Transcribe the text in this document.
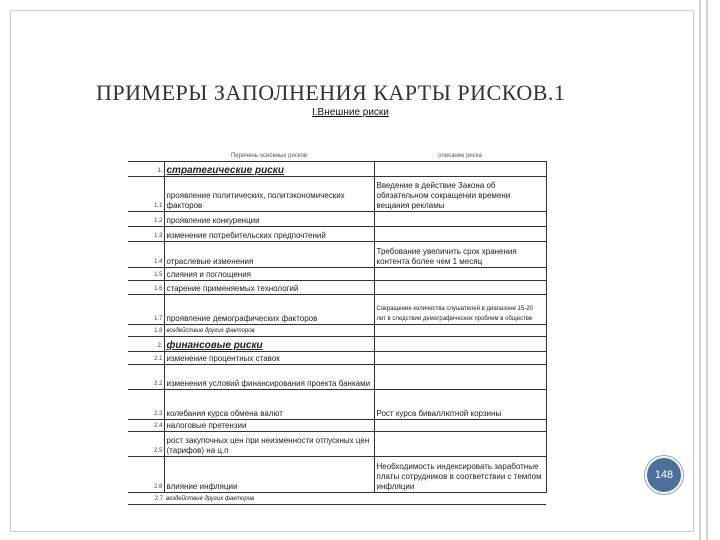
ПРИМЕРЫ ЗАПОЛНЕНИЯ КАРТЫ РИСКОВ.1
I.Внешние риски
	Перечень основных рисков	описание риска
1.	стратегические риски	
1.1	проявление политических, политэкономических факторов	Введение в действие Закона об обязательном сокращении времени вещания рекламы
1.2	проявление конкуренции	
1.3	изменение потребительских предпочтений	
1.4	отраслевые изменения	Требование увеличить срок хранения контента более чем 1 месяц
1.5	слияния и поглощения	
1.6	старение применяемых технологий	
1.7	проявление демографических факторов	Сокращение количества слушателей в диапазоне 15-20 лет в следствии демографических проблем в обществе
1.8	воздействие других факторов	
2.	финансовые риски	
2.1	изменение процентных ставок	
2.2	изменения условий финансирования проекта банками	
2.3	колебания курса обмена валют	Рост курса биваллютной корзины
2.4	налоговые претензии	
2.5	рост закупочных цен при неизменности отпускных цен (тарифов) на ц.п	
2.6	влияние инфляции	Необходимость индексировать заработные платы сотрудников в соответствии с темпом инфляции
2.7	воздействие других факторов	
148
